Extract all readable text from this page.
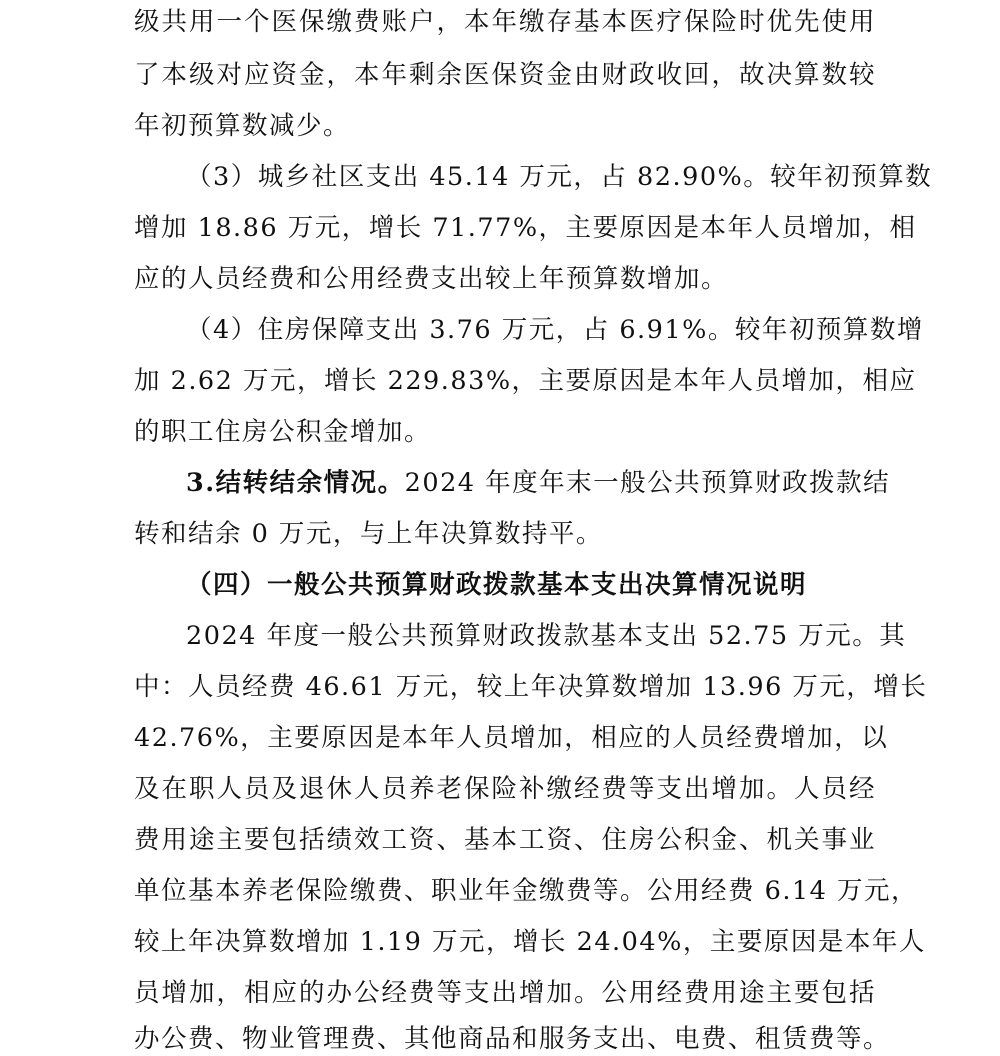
级共用一个医保缴费账户，本年缴存基本医疗保险时优先使用
了本级对应资金，本年剩余医保资金由财政收回，故决算数较
年初预算数减少。
（3）城乡社区支出 45.14 万元，占 82.90%。较年初预算数
增加 18.86 万元，增长 71.77%，主要原因是本年人员增加，相
应的人员经费和公用经费支出较上年预算数增加。
（4）住房保障支出 3.76 万元，占 6.91%。较年初预算数增
加 2.62 万元，增长 229.83%，主要原因是本年人员增加，相应
的职工住房公积金增加。
3.结转结余情况。2024 年度年末一般公共预算财政拨款结
转和结余 0 万元，与上年决算数持平。
（四）一般公共预算财政拨款基本支出决算情况说明
2024 年度一般公共预算财政拨款基本支出 52.75 万元。其
中：人员经费 46.61 万元，较上年决算数增加 13.96 万元，增长
42.76%，主要原因是本年人员增加，相应的人员经费增加，以
及在职人员及退休人员养老保险补缴经费等支出增加。人员经
费用途主要包括绩效工资、基本工资、住房公积金、机关事业
单位基本养老保险缴费、职业年金缴费等。公用经费 6.14 万元，
较上年决算数增加 1.19 万元，增长 24.04%，主要原因是本年人
员增加，相应的办公经费等支出增加。公用经费用途主要包括
办公费、物业管理费、其他商品和服务支出、电费、租赁费等。
